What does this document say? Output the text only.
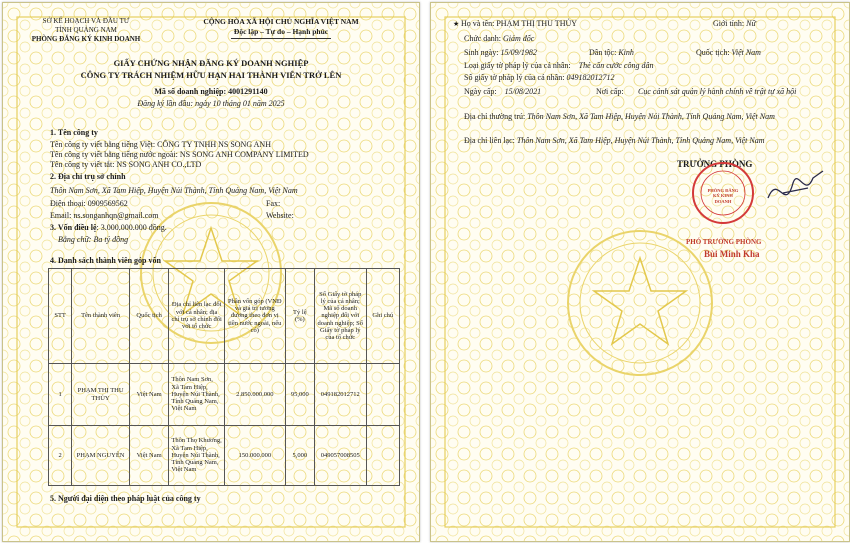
SỞ KẾ HOẠCH VÀ ĐẦU TƯ
TỈNH QUẢNG NAM
PHÒNG ĐĂNG KÝ KINH DOANH
CỘNG HÒA XÃ HỘI CHỦ NGHĨA VIỆT NAM
Độc lập – Tự do – Hạnh phúc
GIẤY CHỨNG NHẬN ĐĂNG KÝ DOANH NGHIỆP
CÔNG TY TRÁCH NHIỆM HỮU HẠN HAI THÀNH VIÊN TRỞ LÊN
Mã số doanh nghiệp: 4001291140
Đăng ký lần đầu: ngày 10 tháng 01 năm 2025
1. Tên công ty
Tên công ty viết bằng tiếng Việt: CÔNG TY TNHH NS SONG ANH
Tên công ty viết bằng tiếng nước ngoài: NS SONG ANH COMPANY LIMITED
Tên công ty viết tắt: NS SONG ANH CO.,LTD
2. Địa chỉ trụ sở chính
Thôn Nam Sơn, Xã Tam Hiệp, Huyện Núi Thành, Tỉnh Quảng Nam, Việt Nam
Điện thoại: 0909569562	Fax:
Email: ns.songanhqn@gmail.com	Website:
3. Vốn điều lệ: 3.000.000.000 đồng.
Bằng chữ: Ba tỷ đồng
4. Danh sách thành viên góp vốn
STT	Tên thành viên	Quốc tịch	Địa chỉ liên lạc đối với cá nhân; địa chỉ trụ sở chính đối với tổ chức	Phần vốn góp (VNĐ và giá trị tương đương theo đơn vị tiền nước ngoài, nếu có)	Tỷ lệ (%)	Số Giấy tờ pháp lý của cá nhân; Mã số doanh nghiệp đối với doanh nghiệp; Số Giấy tờ pháp lý của tổ chức	Ghi chú
1	PHẠM THỊ THU THỦY	Việt Nam	Thôn Nam Sơn, Xã Tam Hiệp, Huyện Núi Thành, Tỉnh Quảng Nam, Việt Nam	2.850.000.000	95,000	049182012712	
2	PHẠM NGUYÊN	Việt Nam	Thôn Thọ Khương, Xã Tam Hiệp, Huyện Núi Thành, Tỉnh Quảng Nam, Việt Nam	150.000.000	5,000	049057008505	
5. Người đại diện theo pháp luật của công ty
★ Họ và tên: PHẠM THỊ THU THỦY	Giới tính: Nữ
Chức danh: Giám đốc
Sinh ngày: 15/09/1982	Dân tộc: Kinh	Quốc tịch: Việt Nam
Loại giấy tờ pháp lý của cá nhân: Thẻ căn cước công dân
Số giấy tờ pháp lý của cá nhân: 049182012712
Ngày cấp: 15/08/2021	Nơi cấp: Cục cảnh sát quản lý hành chính về trật tự xã hội
Địa chỉ thường trú: Thôn Nam Sơn, Xã Tam Hiệp, Huyện Núi Thành, Tỉnh Quảng Nam, Việt Nam
Địa chỉ liên lạc: Thôn Nam Sơn, Xã Tam Hiệp, Huyện Núi Thành, Tỉnh Quảng Nam, Việt Nam
TRƯỞNG PHÒNG
PHÒNG ĐĂNG KÝ KINH DOANH
PHÓ TRƯỞNG PHÒNG
Bùi Minh Kha
